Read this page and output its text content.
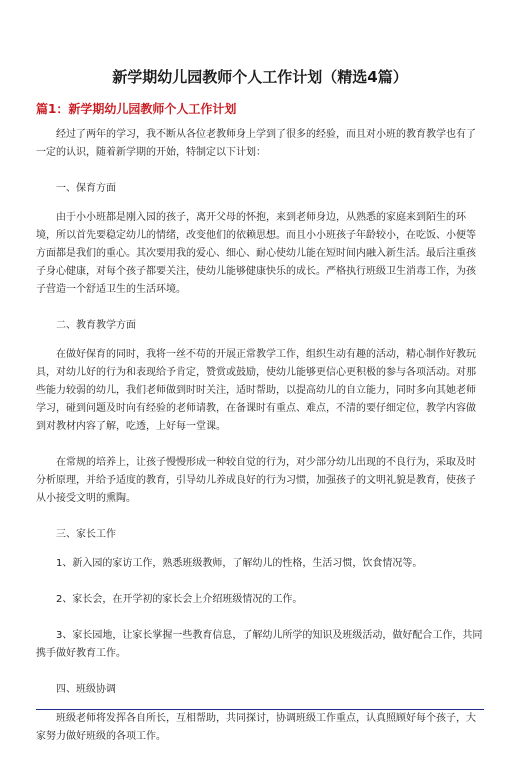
新学期幼儿园教师个人工作计划（精选4篇）
篇1：新学期幼儿园教师个人工作计划

经过了两年的学习，我不断从各位老教师身上学到了很多的经验，而且对小班的教育教学也有了一定的认识，随着新学期的开始，特制定以下计划：

一、保育方面

由于小小班都是刚入园的孩子，离开父母的怀抱，来到老师身边，从熟悉的家庭来到陌生的环境，所以首先要稳定幼儿的情绪，改变他们的依赖思想。而且小小班孩子年龄较小，在吃饭、小便等方面都是我们的重心。其次要用我的爱心、细心、耐心使幼儿能在短时间内融入新生活。最后注重孩子身心健康，对每个孩子都要关注，使幼儿能够健康快乐的成长。严格执行班级卫生消毒工作，为孩子营造一个舒适卫生的生活环境。

二、教育教学方面

在做好保育的同时，我将一丝不苟的开展正常教学工作，组织生动有趣的活动，精心制作好教玩具，对幼儿好的行为和表现给予肯定，赞赏或鼓励，使幼儿能够更信心更积极的参与各项活动。对那些能力较弱的幼儿，我们老师做到时时关注，适时帮助，以提高幼儿的自立能力，同时多向其她老师学习，碰到问题及时向有经验的老师请教，在备课时有重点、难点，不清的要仔细定位，教学内容做到对教材内容了解，吃透，上好每一堂课。

在常规的培养上，让孩子慢慢形成一种较自觉的行为，对少部分幼儿出现的不良行为，采取及时分析原理，并给予适度的教育，引导幼儿养成良好的行为习惯，加强孩子的文明礼貌是教育，使孩子从小接受文明的熏陶。

三、家长工作

1、新入园的家访工作，熟悉班级教师，了解幼儿的性格，生活习惯，饮食情况等。

2、家长会，在开学初的家长会上介绍班级情况的工作。

3、家长园地，让家长掌握一些教育信息，了解幼儿所学的知识及班级活动，做好配合工作，共同携手做好教育工作。

四、班级协调

班级老师将发挥各自所长，互相帮助，共同探讨，协调班级工作重点，认真照顾好每个孩子，大家努力做好班级的各项工作。
